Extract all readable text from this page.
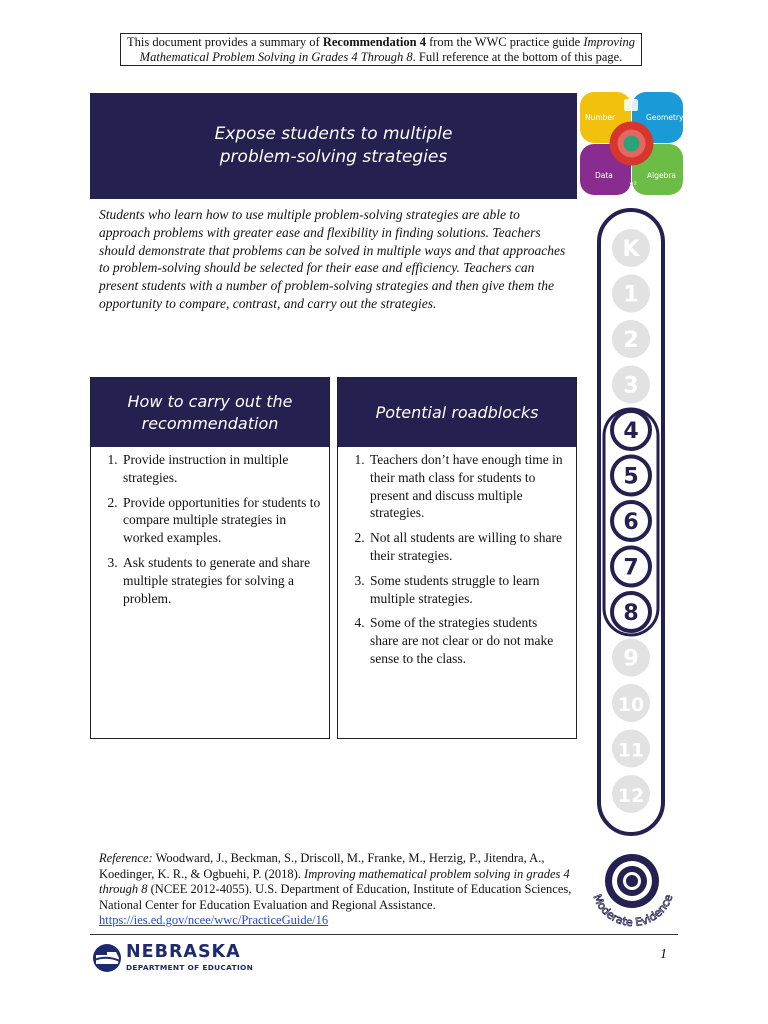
This document provides a summary of Recommendation 4 from the WWC practice guide Improving Mathematical Problem Solving in Grades 4 Through 8. Full reference at the bottom of this page.
Expose students to multiple problem-solving strategies
Number	Geometry
Data	Algebra
x²

Students who learn how to use multiple problem-solving strategies are able to approach problems with greater ease and flexibility in finding solutions. Teachers should demonstrate that problems can be solved in multiple ways and that approaches to problem-solving should be selected for their ease and efficiency. Teachers can present students with a number of problem-solving strategies and then give them the opportunity to compare, contrast, and carry out the strategies.

How to carry out the recommendation
1. Provide instruction in multiple strategies.
2. Provide opportunities for students to compare multiple strategies in worked examples.
3. Ask students to generate and share multiple strategies for solving a problem.
Potential roadblocks
1. Teachers don’t have enough time in their math class for students to present and discuss multiple strategies.
2. Not all students are willing to share their strategies.
3. Some students struggle to learn multiple strategies.
4. Some of the strategies students share are not clear or do not make sense to the class.
K
1
2
3
4
5
6
7
8
9
10
11
12
Moderate Evidence

Reference: Woodward, J., Beckman, S., Driscoll, M., Franke, M., Herzig, P., Jitendra, A., Koedinger, K. R., & Ogbuehi, P. (2018). Improving mathematical problem solving in grades 4 through 8 (NCEE 2012-4055). U.S. Department of Education, Institute of Education Sciences, National Center for Education Evaluation and Regional Assistance.
https://ies.ed.gov/ncee/wwc/PracticeGuide/16

NEBRASKA
DEPARTMENT OF EDUCATION
1
